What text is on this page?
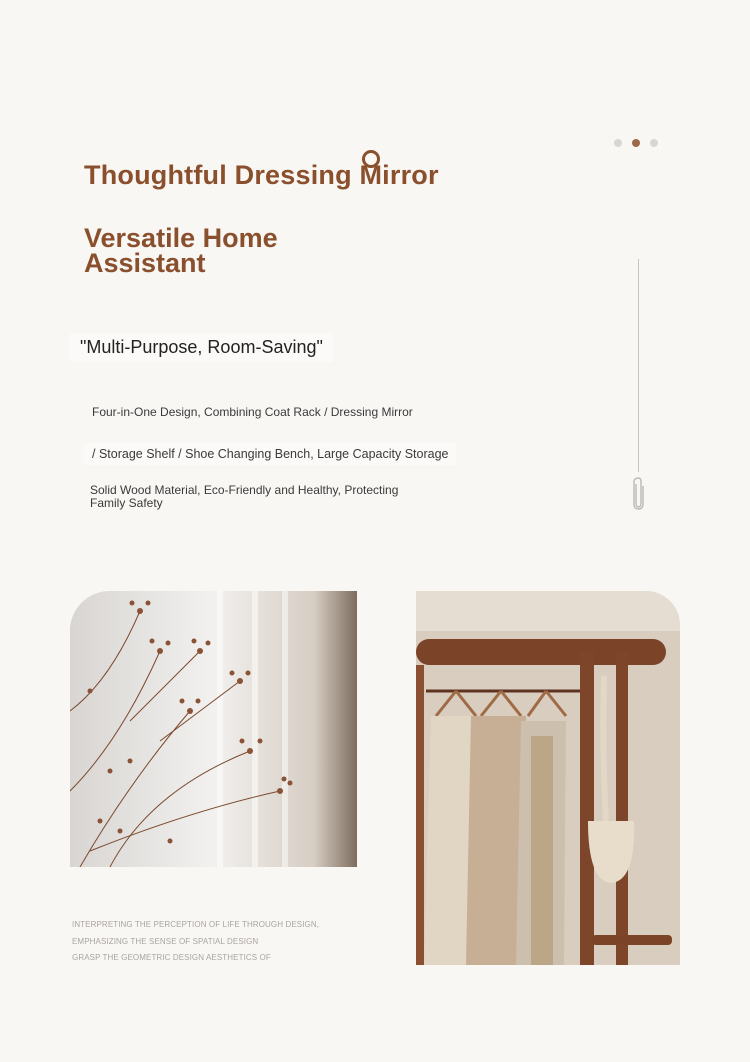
Thoughtful Dressing Mirror
Versatile Home
Assistant
"Multi-Purpose, Room-Saving"
Four-in-One Design, Combining Coat Rack / Dressing Mirror
/ Storage Shelf / Shoe Changing Bench, Large Capacity Storage
Solid Wood Material, Eco-Friendly and Healthy, Protecting Family Safety
INTERPRETING THE PERCEPTION OF LIFE THROUGH DESIGN,
EMPHASIZING THE SENSE OF SPATIAL DESIGN
GRASP THE GEOMETRIC DESIGN AESTHETICS OF
